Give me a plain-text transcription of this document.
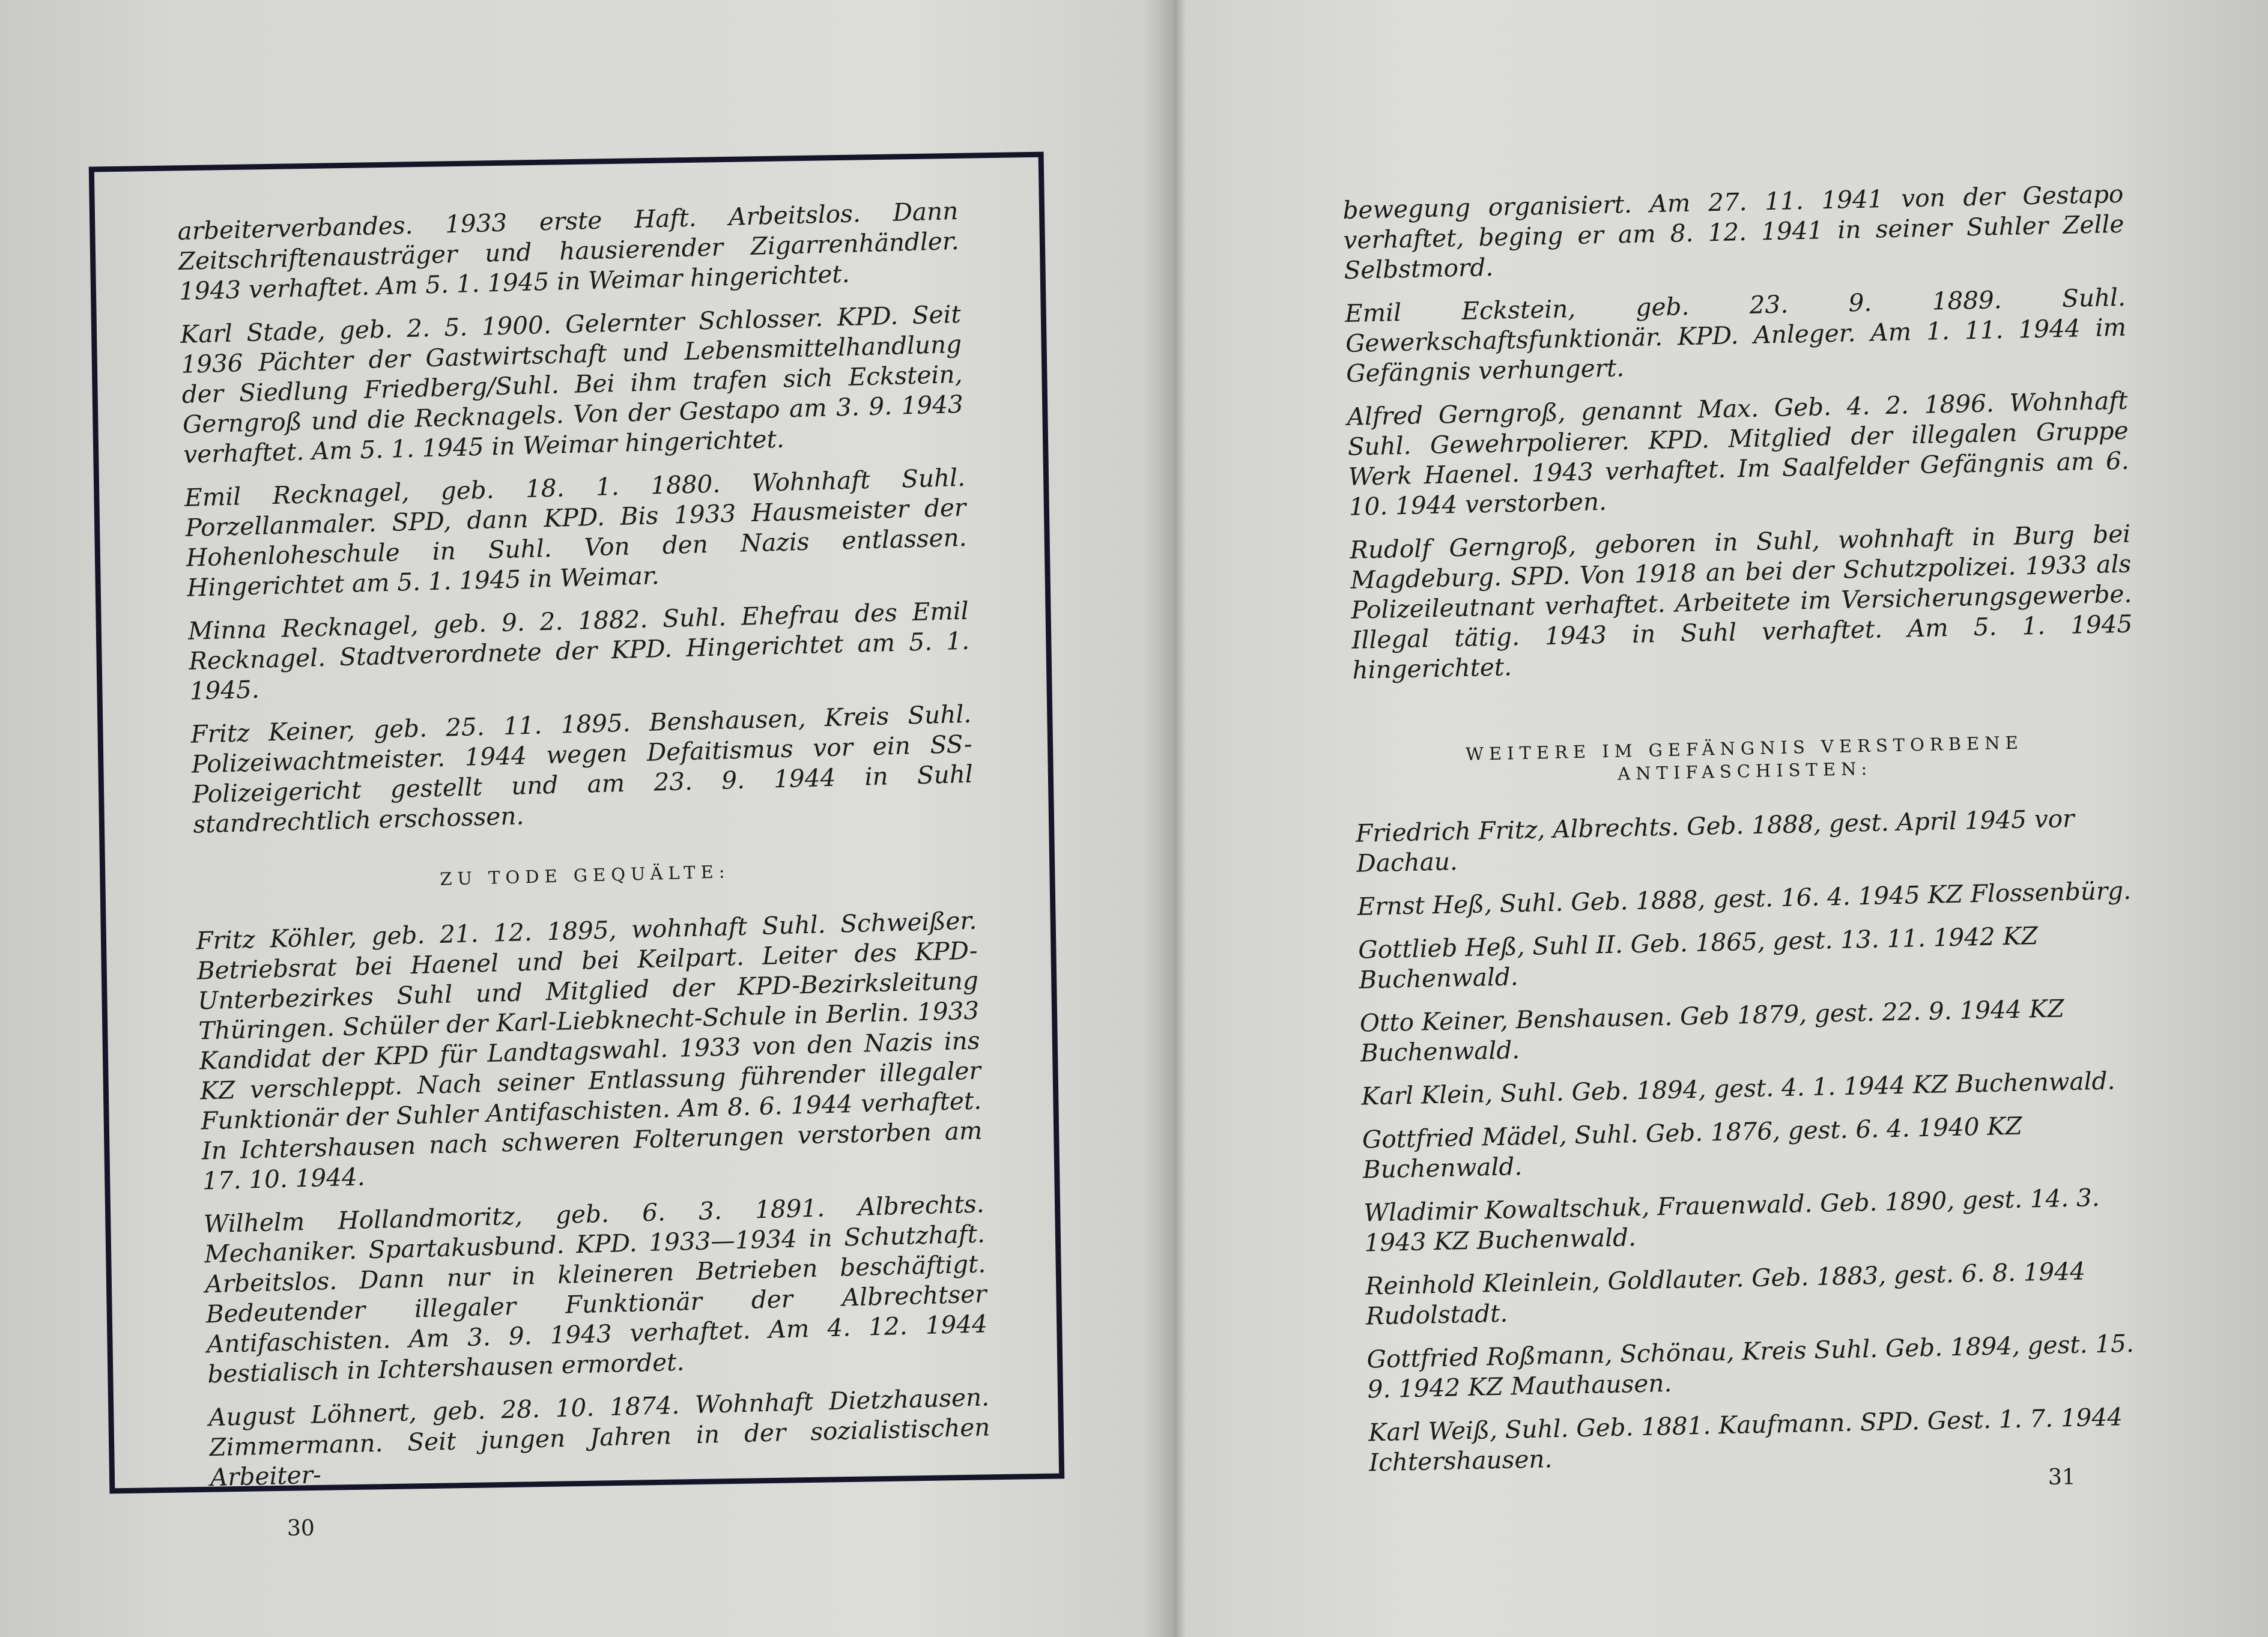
arbeiterverbandes. 1933 erste Haft. Arbeitslos. Dann Zeitschriftenausträger und hausierender Zigarrenhändler. 1943 verhaftet. Am 5. 1. 1945 in Weimar hingerichtet.

Karl Stade, geb. 2. 5. 1900. Gelernter Schlosser. KPD. Seit 1936 Pächter der Gastwirtschaft und Lebensmittelhandlung der Siedlung Friedberg/Suhl. Bei ihm trafen sich Eckstein, Gerngroß und die Recknagels. Von der Gestapo am 3. 9. 1943 verhaftet. Am 5. 1. 1945 in Weimar hingerichtet.

Emil Recknagel, geb. 18. 1. 1880. Wohnhaft Suhl. Porzellanmaler. SPD, dann KPD. Bis 1933 Hausmeister der Hohenloheschule in Suhl. Von den Nazis entlassen. Hingerichtet am 5. 1. 1945 in Weimar.

Minna Recknagel, geb. 9. 2. 1882. Suhl. Ehefrau des Emil Recknagel. Stadtverordnete der KPD. Hingerichtet am 5. 1. 1945.

Fritz Keiner, geb. 25. 11. 1895. Benshausen, Kreis Suhl. Polizeiwachtmeister. 1944 wegen Defaitismus vor ein SS-Polizeigericht gestellt und am 23. 9. 1944 in Suhl standrechtlich erschossen.

ZU TODE GEQUÄLTE:

Fritz Köhler, geb. 21. 12. 1895, wohnhaft Suhl. Schweißer. Betriebsrat bei Haenel und bei Keilpart. Leiter des KPD-Unterbezirkes Suhl und Mitglied der KPD-Bezirksleitung Thüringen. Schüler der Karl-Liebknecht-Schule in Berlin. 1933 Kandidat der KPD für Landtagswahl. 1933 von den Nazis ins KZ verschleppt. Nach seiner Entlassung führender illegaler Funktionär der Suhler Antifaschisten. Am 8. 6. 1944 verhaftet. In Ichtershausen nach schweren Folterungen verstorben am 17. 10. 1944.

Wilhelm Hollandmoritz, geb. 6. 3. 1891. Albrechts. Mechaniker. Spartakusbund. KPD. 1933—1934 in Schutzhaft. Arbeitslos. Dann nur in kleineren Betrieben beschäftigt. Bedeutender illegaler Funktionär der Albrechtser Antifaschisten. Am 3. 9. 1943 verhaftet. Am 4. 12. 1944 bestialisch in Ichtershausen ermordet.

August Löhnert, geb. 28. 10. 1874. Wohnhaft Dietzhausen. Zimmermann. Seit jungen Jahren in der sozialistischen Arbeiter-

30

bewegung organisiert. Am 27. 11. 1941 von der Gestapo verhaftet, beging er am 8. 12. 1941 in seiner Suhler Zelle Selbstmord.

Emil Eckstein, geb. 23. 9. 1889. Suhl. Gewerkschaftsfunktionär. KPD. Anleger. Am 1. 11. 1944 im Gefängnis verhungert.

Alfred Gerngroß, genannt Max. Geb. 4. 2. 1896. Wohnhaft Suhl. Gewehrpolierer. KPD. Mitglied der illegalen Gruppe Werk Haenel. 1943 verhaftet. Im Saalfelder Gefängnis am 6. 10. 1944 verstorben.

Rudolf Gerngroß, geboren in Suhl, wohnhaft in Burg bei Magdeburg. SPD. Von 1918 an bei der Schutzpolizei. 1933 als Polizeileutnant verhaftet. Arbeitete im Versicherungsgewerbe. Illegal tätig. 1943 in Suhl verhaftet. Am 5. 1. 1945 hingerichtet.

WEITERE IM GEFÄNGNIS VERSTORBENE
ANTIFASCHISTEN:

Friedrich Fritz, Albrechts. Geb. 1888, gest. April 1945 vor Dachau.

Ernst Heß, Suhl. Geb. 1888, gest. 16. 4. 1945 KZ Flossenbürg.

Gottlieb Heß, Suhl II. Geb. 1865, gest. 13. 11. 1942 KZ Buchenwald.

Otto Keiner, Benshausen. Geb 1879, gest. 22. 9. 1944 KZ Buchenwald.

Karl Klein, Suhl. Geb. 1894, gest. 4. 1. 1944 KZ Buchenwald.

Gottfried Mädel, Suhl. Geb. 1876, gest. 6. 4. 1940 KZ Buchenwald.

Wladimir Kowaltschuk, Frauenwald. Geb. 1890, gest. 14. 3. 1943 KZ Buchenwald.

Reinhold Kleinlein, Goldlauter. Geb. 1883, gest. 6. 8. 1944 Rudolstadt.

Gottfried Roßmann, Schönau, Kreis Suhl. Geb. 1894, gest. 15. 9. 1942 KZ Mauthausen.

Karl Weiß, Suhl. Geb. 1881. Kaufmann. SPD. Gest. 1. 7. 1944 Ichtershausen.

31
